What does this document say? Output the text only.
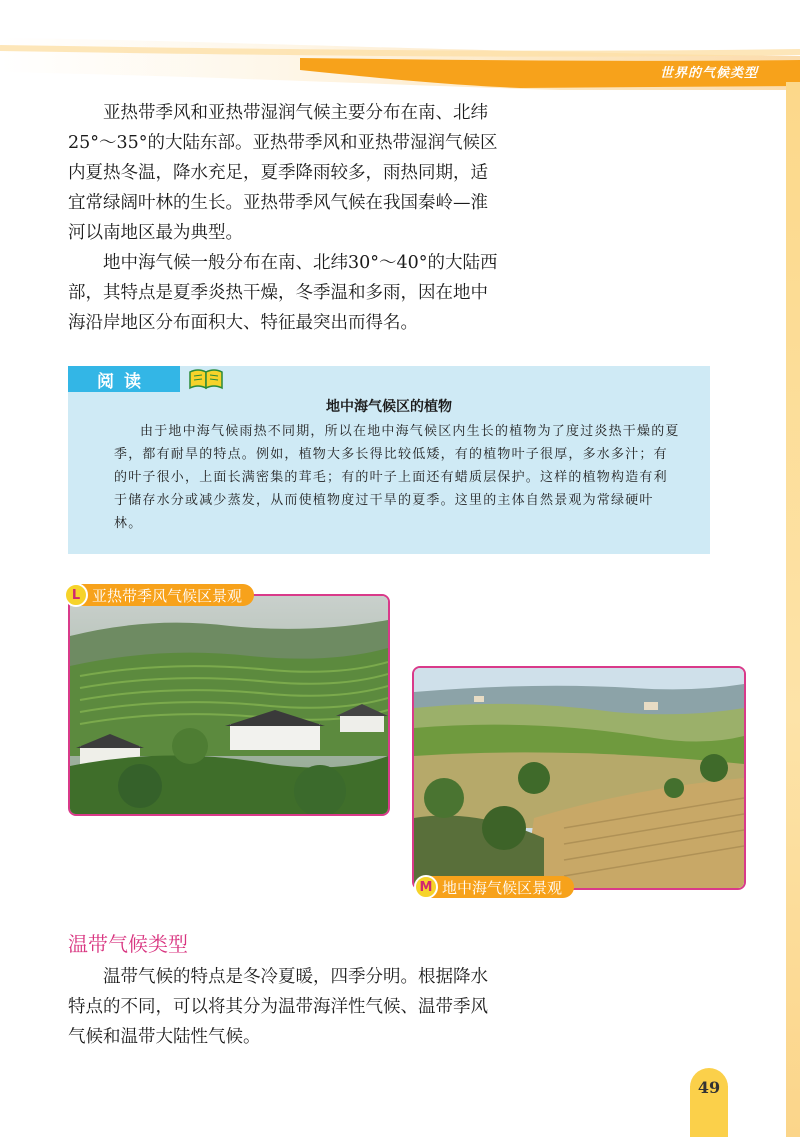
世界的气候类型

亚热带季风和亚热带湿润气候主要分布在南、北纬25°～35°的大陆东部。亚热带季风和亚热带湿润气候区内夏热冬温，降水充足，夏季降雨较多，雨热同期，适宜常绿阔叶林的生长。亚热带季风气候在我国秦岭—淮河以南地区最为典型。

地中海气候一般分布在南、北纬30°～40°的大陆西部，其特点是夏季炎热干燥，冬季温和多雨，因在地中海沿岸地区分布面积大、特征最突出而得名。

阅读
地中海气候区的植物

由于地中海气候雨热不同期，所以在地中海气候区内生长的植物为了度过炎热干燥的夏季，都有耐旱的特点。例如，植物大多长得比较低矮，有的植物叶子很厚，多水多汁；有的叶子很小，上面长满密集的茸毛；有的叶子上面还有蜡质层保护。这样的植物构造有利于储存水分或减少蒸发，从而使植物度过干旱的夏季。这里的主体自然景观为常绿硬叶林。

L 亚热带季风气候区景观
M 地中海气候区景观
温带气候类型

温带气候的特点是冬冷夏暖，四季分明。根据降水特点的不同，可以将其分为温带海洋性气候、温带季风气候和温带大陆性气候。

49
